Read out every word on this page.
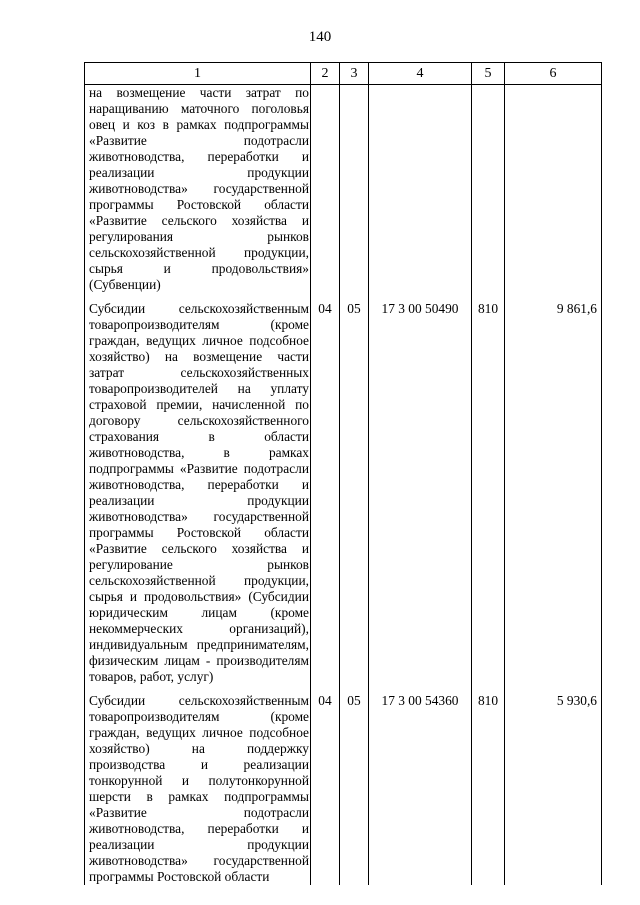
140
1	2	3	4	5	6
на возмещение части затрат по наращиванию маточного поголовья овец и коз в рамках подпрограммы «Развитие подотрасли животноводства, переработки и реализации продукции животноводства» государственной программы Ростовской области «Развитие сельского хозяйства и регулирования рынков сельскохозяйственной продукции, сырья и продовольствия» (Субвенции)					

Субсидии сельскохозяйственным товаропроизводителям (кроме граждан, ведущих личное подсобное хозяйство) на возмещение части затрат сельскохозяйственных товаропроизводителей на уплату страховой премии, начисленной по договору сельскохозяйственного страхования в области животноводства, в рамках подпрограммы «Развитие подотрасли животноводства, переработки и реализации продукции животноводства» государственной программы Ростовской области «Развитие сельского хозяйства и регулирование рынков сельскохозяйственной продукции, сырья и продовольствия» (Субсидии юридическим лицам (кроме некоммерческих организаций), индивидуальным предпринимателям, физическим лицам - производителям товаров, работ, услуг)	04	05	17 3 00 50490	810	9 861,6

Субсидии сельскохозяйственным товаропроизводителям (кроме граждан, ведущих личное подсобное хозяйство) на поддержку производства и реализации тонкорунной и полутонкорунной шерсти в рамках подпрограммы «Развитие подотрасли животноводства, переработки и реализации продукции животноводства» государственной программы Ростовской области	04	05	17 3 00 54360	810	5 930,6
